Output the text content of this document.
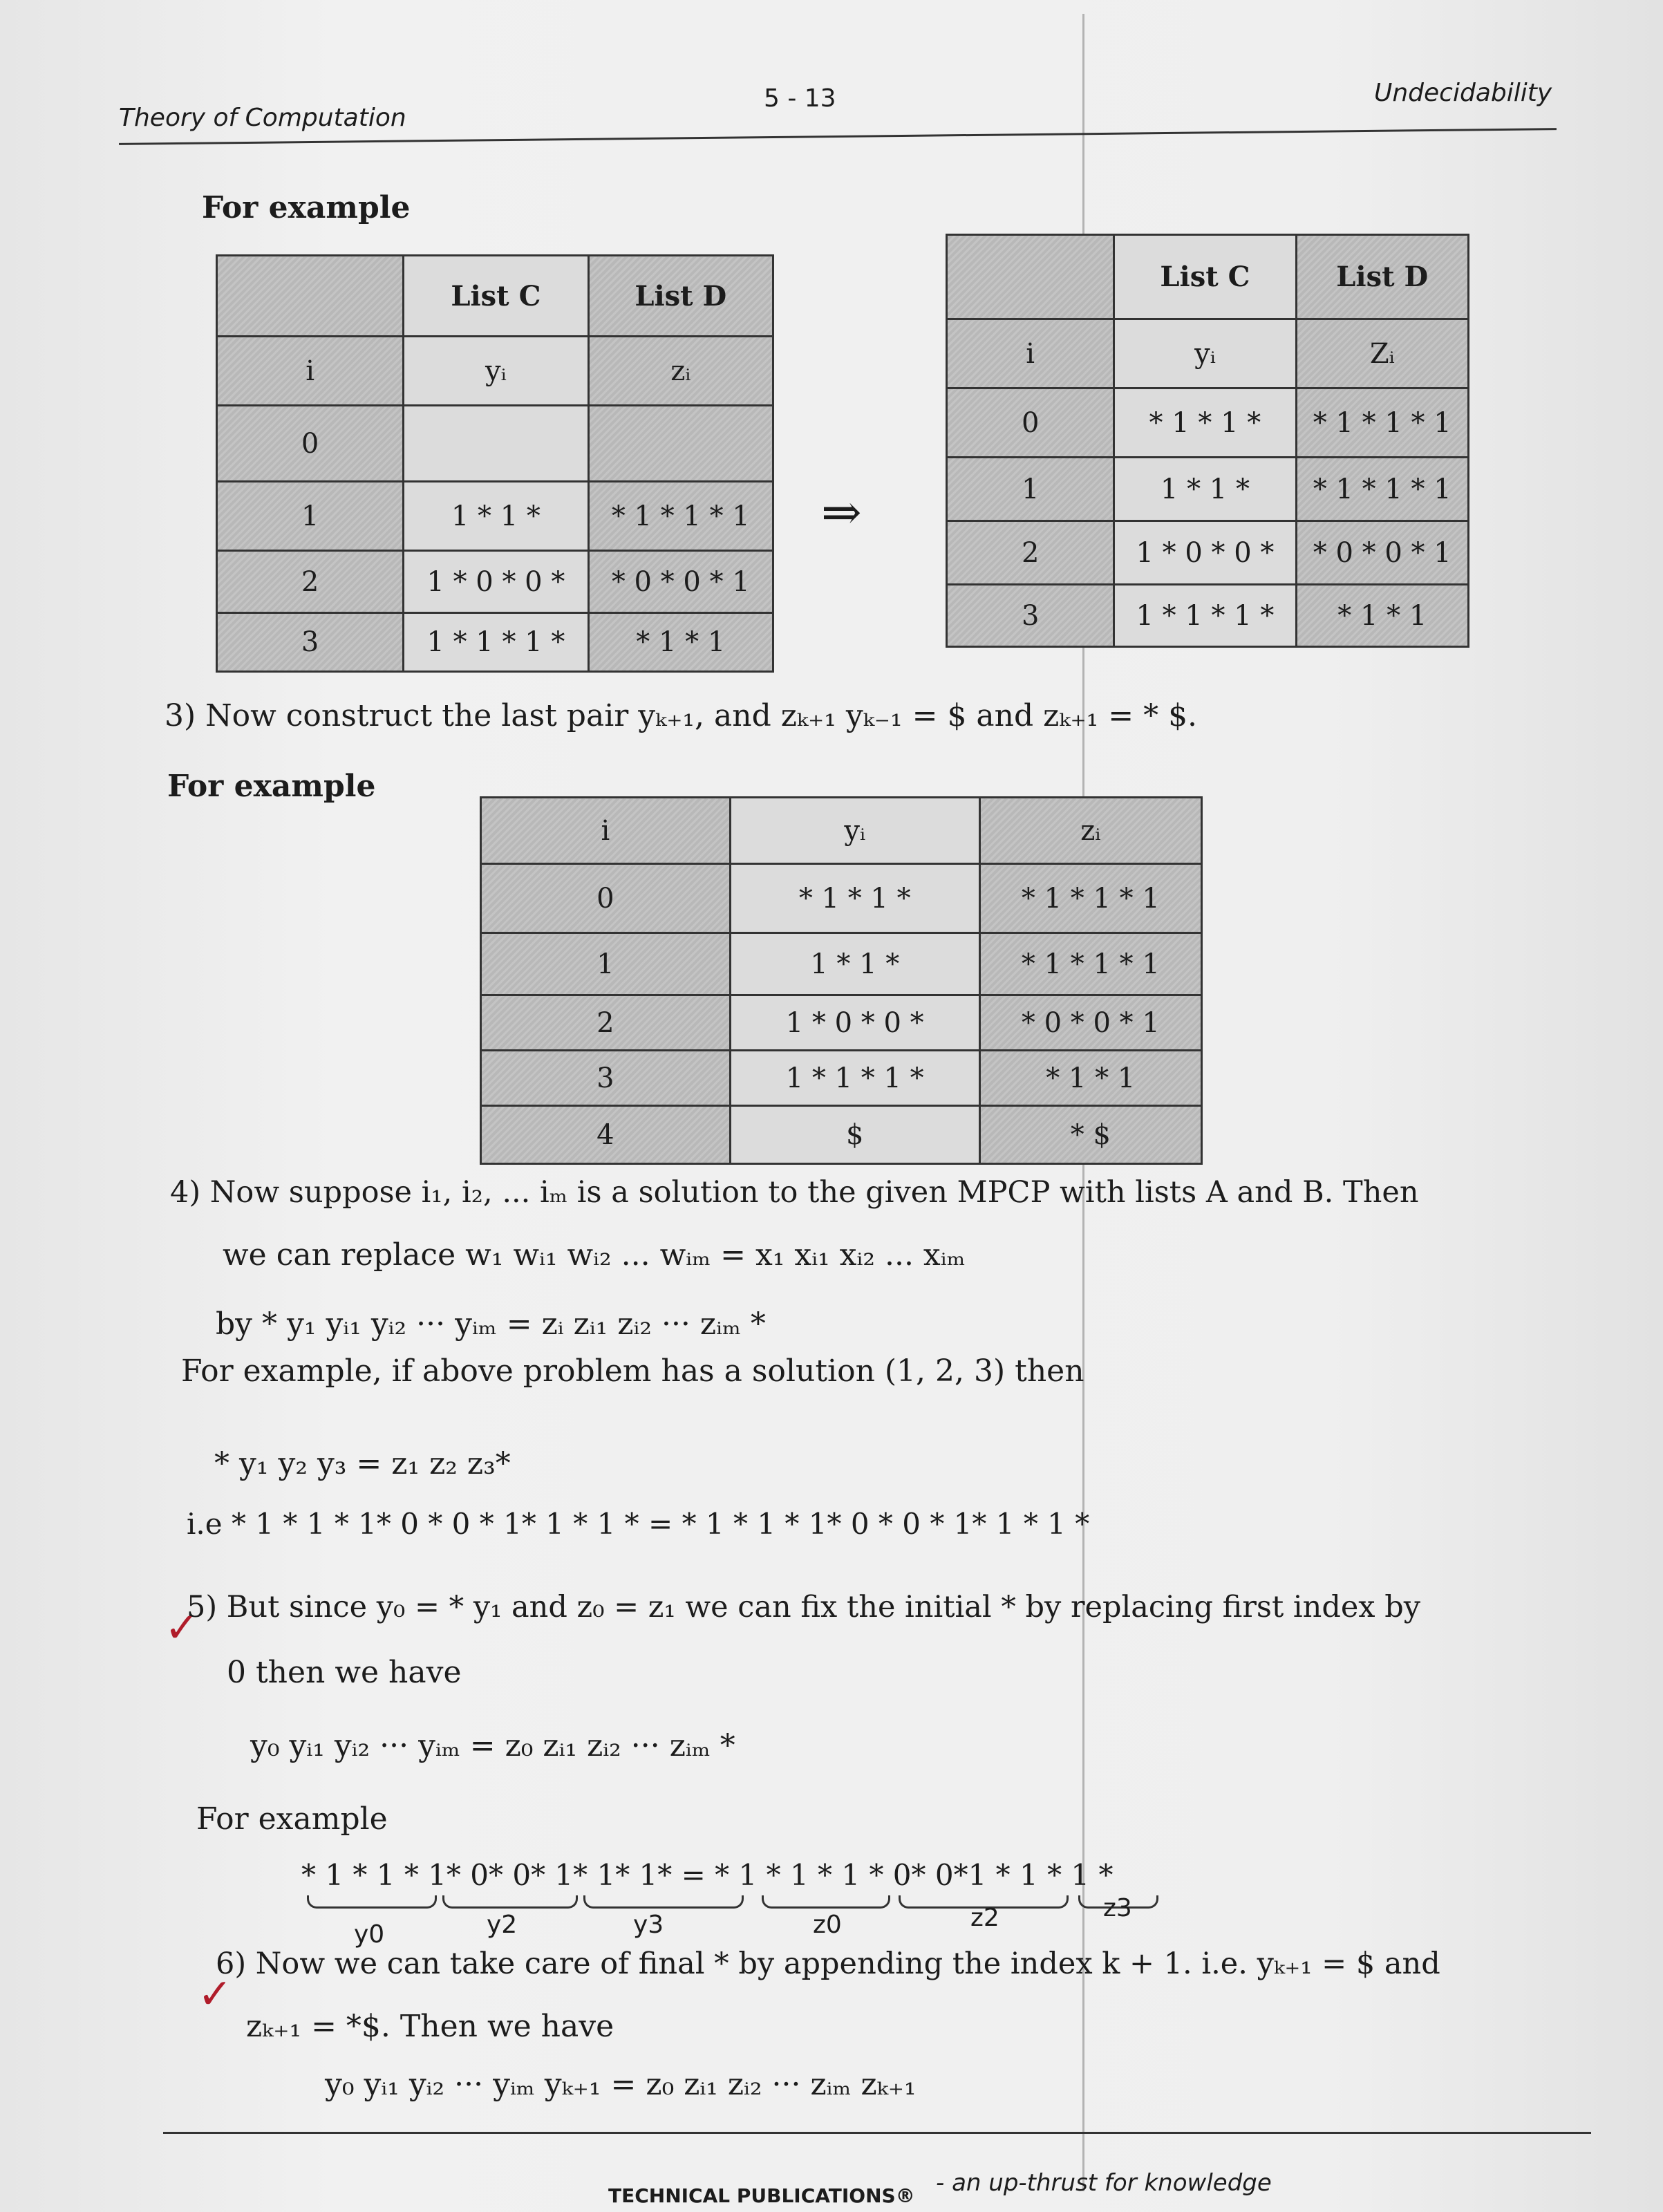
Theory of Computation
5 - 13	Undecidability
For example
	List C	List D
i	yᵢ	zᵢ
0		
1	1 * 1 *	* 1 * 1 * 1
2	1 * 0 * 0 *	* 0 * 0 * 1
3	1 * 1 * 1 *	* 1 * 1
⇒
	List C	List D
i	yᵢ	Zᵢ
0	* 1 * 1 *	* 1 * 1 * 1
1	1 * 1 *	* 1 * 1 * 1
2	1 * 0 * 0 *	* 0 * 0 * 1
3	1 * 1 * 1 *	* 1 * 1
3) Now construct the last pair yₖ₊₁, and zₖ₊₁ yₖ₋₁ = $ and zₖ₊₁ = * $.
For example
i	yᵢ	zᵢ
0	* 1 * 1 *	* 1 * 1 * 1
1	1 * 1 *	* 1 * 1 * 1
2	1 * 0 * 0 *	* 0 * 0 * 1
3	1 * 1 * 1 *	* 1 * 1
4	$	* $
4) Now suppose i₁, i₂, ... iₘ is a solution to the given MPCP with lists A and B. Then
we can replace w₁ wᵢ₁ wᵢ₂ ... wᵢₘ = x₁ xᵢ₁ xᵢ₂ ... xᵢₘ
by * y₁ yᵢ₁ yᵢ₂ ··· yᵢₘ = zᵢ zᵢ₁ zᵢ₂ ··· zᵢₘ *
For example, if above problem has a solution (1, 2, 3) then
* y₁ y₂ y₃ = z₁ z₂ z₃*
i.e * 1 * 1 * 1* 0 * 0 * 1* 1 * 1 * = * 1 * 1 * 1* 0 * 0 * 1* 1 * 1 *
✓
5) But since y₀ = * y₁ and z₀ = z₁ we can fix the initial * by replacing first index by
0 then we have
y₀ yᵢ₁ yᵢ₂ ··· yᵢₘ = z₀ zᵢ₁ zᵢ₂ ··· zᵢₘ *
For example
* 1 * 1 * 1* 0* 0* 1* 1* 1* = * 1 * 1 * 1 * 0* 0*1 * 1 * 1 *
y0	y2	y3	z0	z2	z3
✓
6) Now we can take care of final * by appending the index k + 1. i.e. yₖ₊₁ = $ and
zₖ₊₁ = *$. Then we have
y₀ yᵢ₁ yᵢ₂ ··· yᵢₘ yₖ₊₁ = z₀ zᵢ₁ zᵢ₂ ··· zᵢₘ zₖ₊₁
TECHNICAL PUBLICATIONS® - an up-thrust for knowledge
